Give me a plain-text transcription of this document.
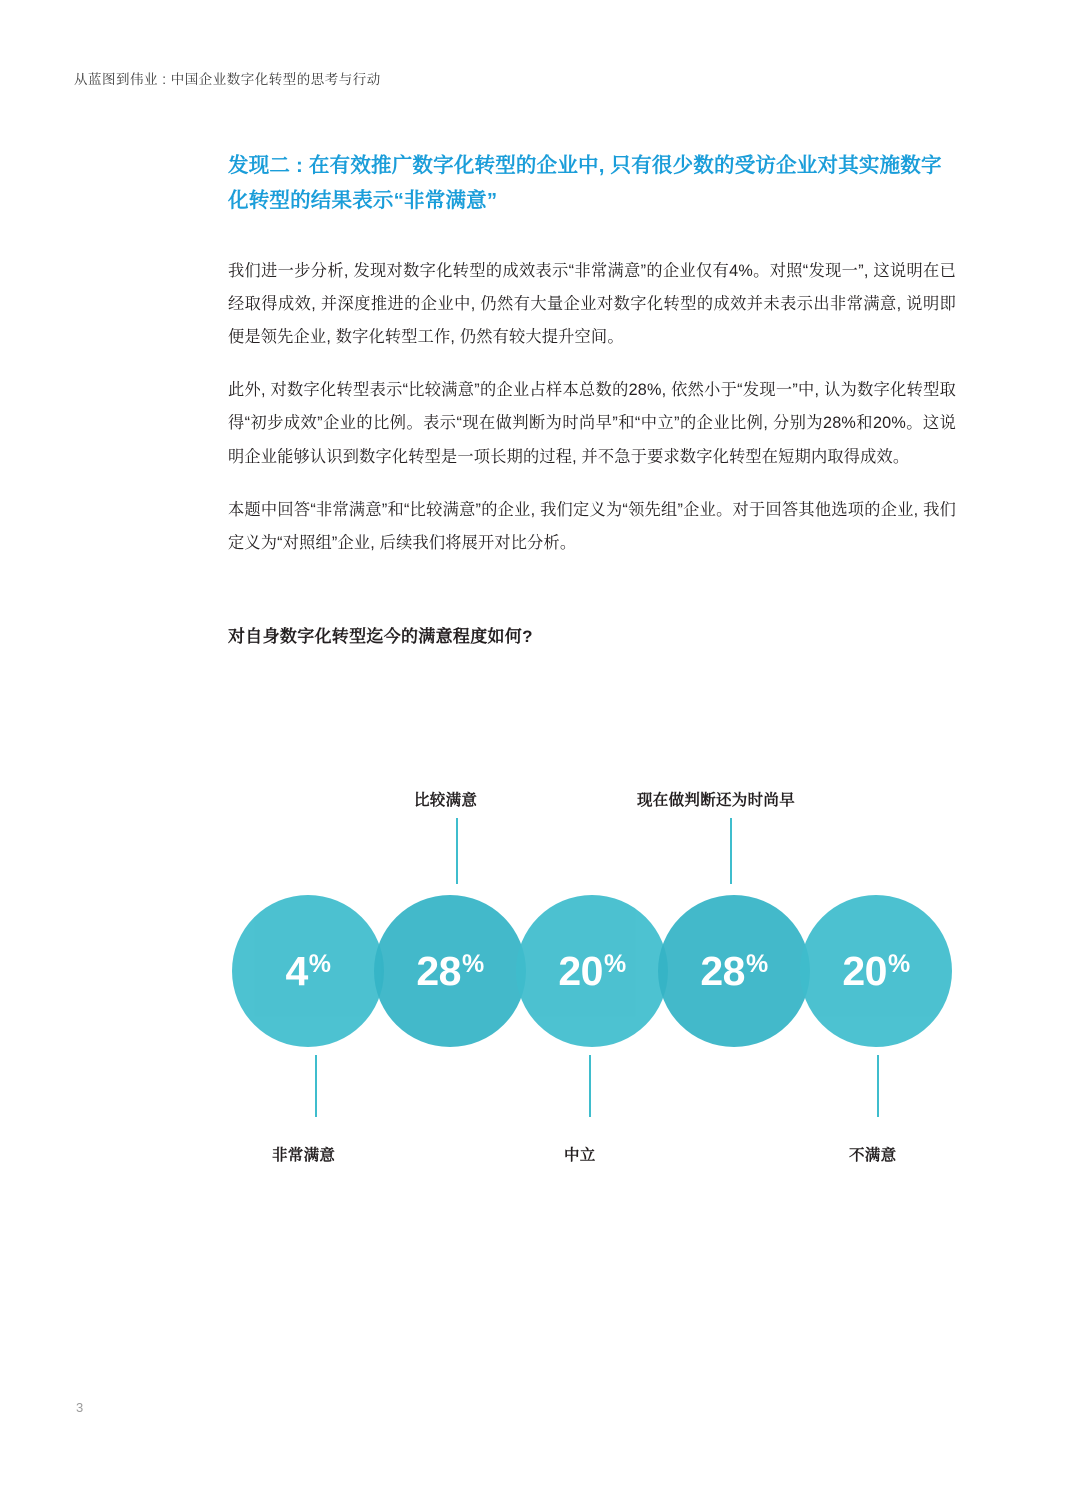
从蓝图到伟业 : 中国企业数字化转型的思考与行动
发现二 : 在有效推广数字化转型的企业中, 只有很少数的受访企业对其实施数字化转型的结果表示“非常满意”

我们进一步分析, 发现对数字化转型的成效表示“非常满意”的企业仅有4%。对照“发现一”, 这说明在已经取得成效, 并深度推进的企业中, 仍然有大量企业对数字化转型的成效并未表示出非常满意, 说明即便是领先企业, 数字化转型工作, 仍然有较大提升空间。

此外, 对数字化转型表示“比较满意”的企业占样本总数的28%, 依然小于“发现一”中, 认为数字化转型取得“初步成效”企业的比例。表示“现在做判断为时尚早”和“中立”的企业比例, 分别为28%和20%。这说明企业能够认识到数字化转型是一项长期的过程, 并不急于要求数字化转型在短期内取得成效。

本题中回答“非常满意”和“比较满意”的企业, 我们定义为“领先组”企业。对于回答其他选项的企业, 我们定义为“对照组”企业, 后续我们将展开对比分析。

对自身数字化转型迄今的满意程度如何?
比较满意	现在做判断还为时尚早
4 % 28 % 20 % 28 % 20 %
非常满意	中立	不满意
3
